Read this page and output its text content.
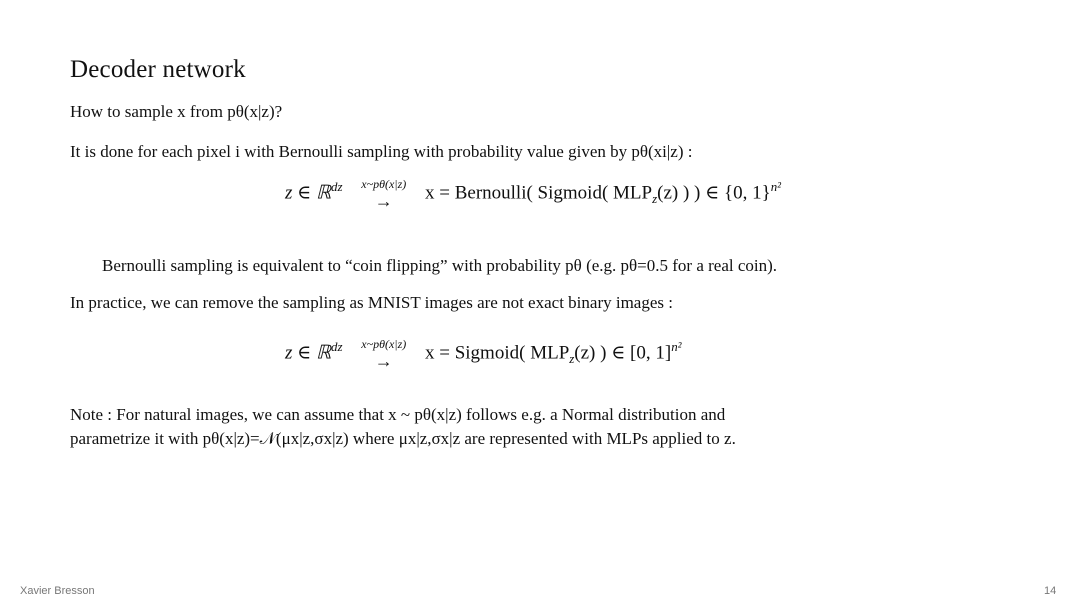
Decoder network
How to sample x from pθ(x|z)?
It is done for each pixel i with Bernoulli sampling with probability value given by pθ(xi|z) :
z ∈ ℝ$^{dz}$ x~pθ(x|z)
→	x = Bernoulli( Sigmoid( $MLP_z(z)$ ) ) ∈ {0, 1}$^{n^2}$
Bernoulli sampling is equivalent to “coin flipping” with probability pθ (e.g. pθ=0.5 for a real coin).
In practice, we can remove the sampling as MNIST images are not exact binary images :
z ∈ ℝ$^{dz}$ x~pθ(x|z)
→	x = Sigmoid( $MLP_z(z)$ ) ∈ [0, 1]$^{n^2}$
Note : For natural images, we can assume that x ~ pθ(x|z) follows e.g. a Normal distribution and
parametrize it with pθ(x|z)=𝒩(μx|z,σx|z) where μx|z,σx|z are represented with MLPs applied to z.
Xavier Bresson	14
